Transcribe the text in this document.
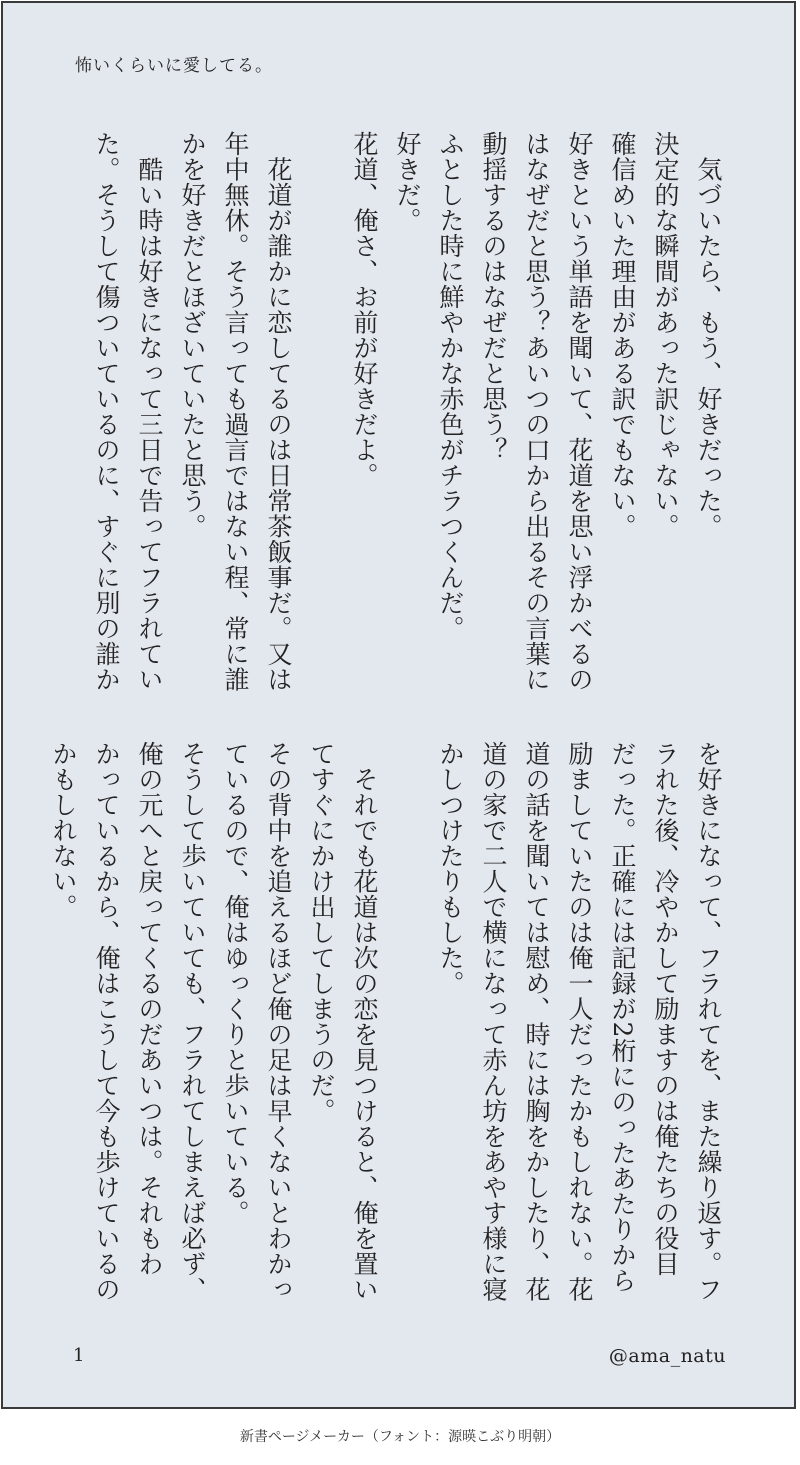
怖いくらいに愛してる。

　気づいたら、もう、好きだった。

決定的な瞬間があった訳じゃない。

確信めいた理由がある訳でもない。

好きという単語を聞いて、花道を思い浮かべるの

はなぜだと思う？あいつの口から出るその言葉に

動揺するのはなぜだと思う？

ふとした時に鮮やかな赤色がチラつくんだ。

好きだ。

花道、俺さ、お前が好きだよ。

　花道が誰かに恋してるのは日常茶飯事だ。又は

年中無休。そう言っても過言ではない程、常に誰

かを好きだとほざいていたと思う。

　酷い時は好きになって三日で告ってフラれてい

た。そうして傷ついているのに、すぐに別の誰か

を好きになって、フラれてを、また繰り返す。フ

ラれた後、冷やかして励ますのは俺たちの役目

だった。正確には記録が2桁にのったあたりから

励ましていたのは俺一人だったかもしれない。花

道の話を聞いては慰め、時には胸をかしたり、花

道の家で二人で横になって赤ん坊をあやす様に寝

かしつけたりもした。

　それでも花道は次の恋を見つけると、俺を置い

てすぐにかけ出してしまうのだ。

その背中を追えるほど俺の足は早くないとわかっ

ているので、俺はゆっくりと歩いている。

そうして歩いていても、フラれてしまえば必ず、

俺の元へと戻ってくるのだあいつは。それもわ

かっているから、俺はこうして今も歩けているの

かもしれない。

1	@ama_natu
新書ページメーカー（フォント：源暎こぶり明朝）
